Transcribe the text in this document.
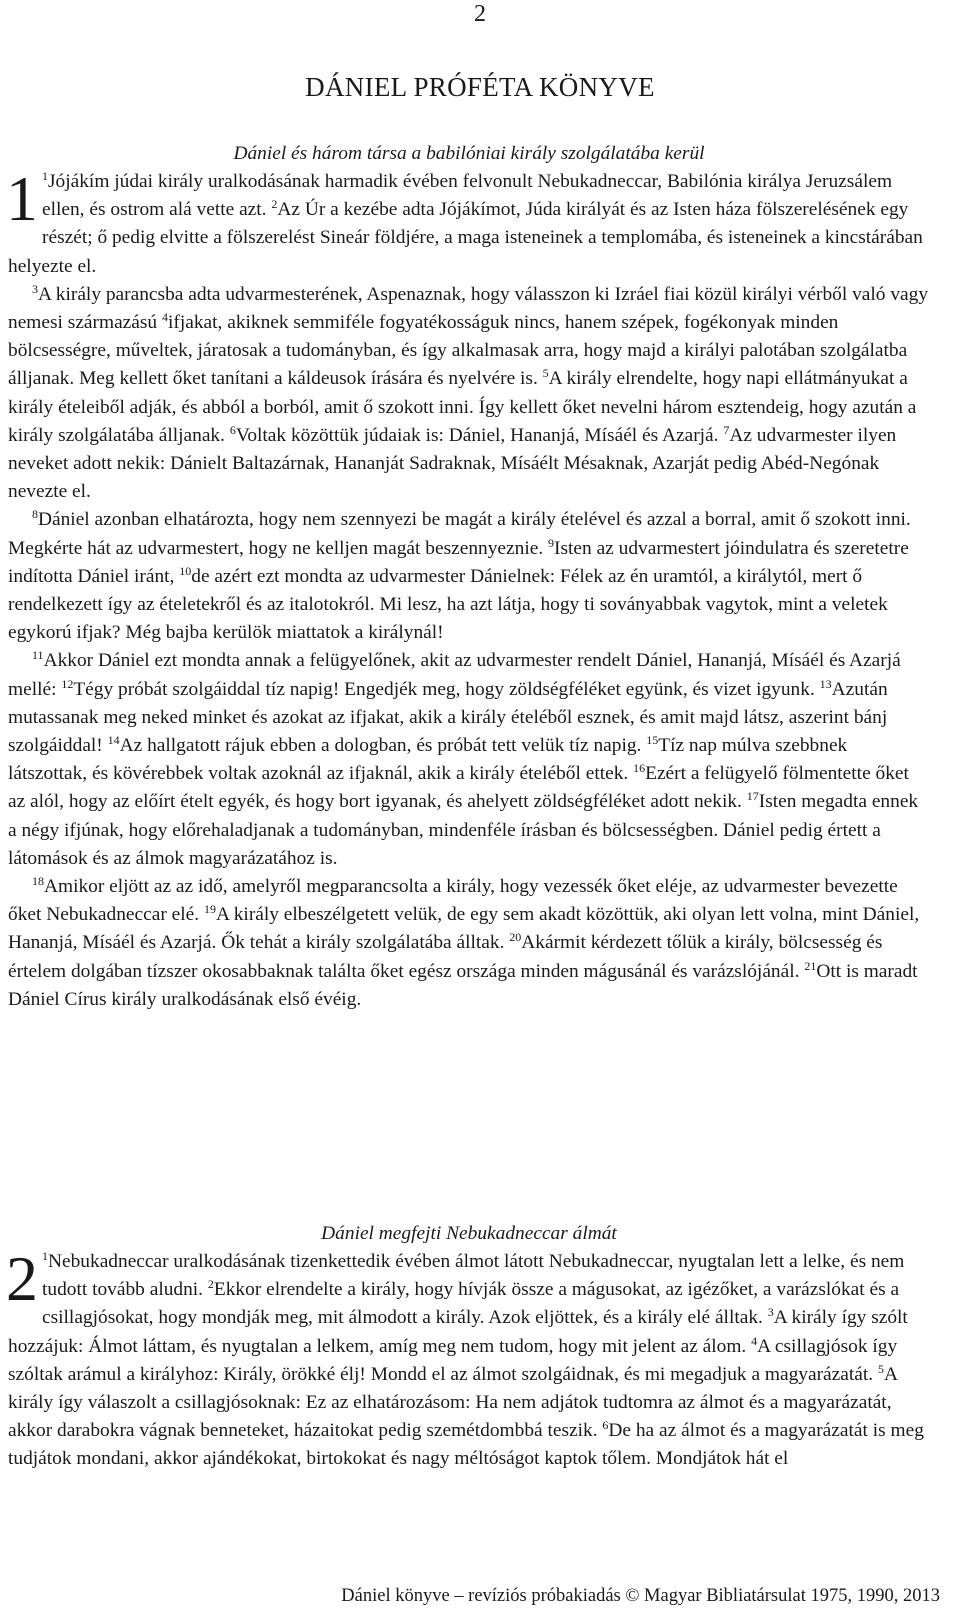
2
DÁNIEL PRÓFÉTA KÖNYVE
Dániel és három társa a babilóniai király szolgálatába kerül
1 $^1$Jójákím júdai király uralkodásának harmadik évében felvonult Nebukadneccar, Babilónia királya Jeruzsálem ellen, és ostrom alá vette azt. $^2$Az Úr a kezébe adta Jójákímot, Júda királyát és az Isten háza fölszerelésének egy részét; ő pedig elvitte a fölszerelést Sineár földjére, a maga isteneinek a templomába, és isteneinek a kincstárában helyezte el.

$^3$A király parancsba adta udvarmesterének, Aspenaznak, hogy válasszon ki Izráel fiai közül királyi vérből való vagy nemesi származású $^4$ifjakat, akiknek semmiféle fogyatékosságuk nincs, hanem szépek, fogékonyak minden bölcsességre, műveltek, járatosak a tudományban, és így alkalmasak arra, hogy majd a királyi palotában szolgálatba álljanak. Meg kellett őket tanítani a káldeusok írására és nyelvére is. $^5$A király elrendelte, hogy napi ellátmányukat a király ételeiből adják, és abból a borból, amit ő szokott inni. Így kellett őket nevelni három esztendeig, hogy azután a király szolgálatába álljanak. $^6$Voltak közöttük júdaiak is: Dániel, Hananjá, Mísáél és Azarjá. $^7$Az udvarmester ilyen neveket adott nekik: Dánielt Baltazárnak, Hananját Sadraknak, Mísáélt Mésaknak, Azarját pedig Abéd-Negónak nevezte el.

$^8$Dániel azonban elhatározta, hogy nem szennyezi be magát a király ételével és azzal a borral, amit ő szokott inni. Megkérte hát az udvarmestert, hogy ne kelljen magát beszennyeznie. $^9$Isten az udvarmestert jóindulatra és szeretetre indította Dániel iránt, $^{10}$de azért ezt mondta az udvarmester Dánielnek: Félek az én uramtól, a királytól, mert ő rendelkezett így az ételetekről és az italotokról. Mi lesz, ha azt látja, hogy ti soványabbak vagytok, mint a veletek egykorú ifjak? Még bajba kerülök miattatok a királynál!

$^{11}$Akkor Dániel ezt mondta annak a felügyelőnek, akit az udvarmester rendelt Dániel, Hananjá, Mísáél és Azarjá mellé: $^{12}$Tégy próbát szolgáiddal tíz napig! Engedjék meg, hogy zöldségféléket együnk, és vizet igyunk. $^{13}$Azután mutassanak meg neked minket és azokat az ifjakat, akik a király ételéből esznek, és amit majd látsz, aszerint bánj szolgáiddal! $^{14}$Az hallgatott rájuk ebben a dologban, és próbát tett velük tíz napig. $^{15}$Tíz nap múlva szebbnek látszottak, és kövérebbek voltak azoknál az ifjaknál, akik a király ételéből ettek. $^{16}$Ezért a felügyelő fölmentette őket az alól, hogy az előírt ételt egyék, és hogy bort igyanak, és ahelyett zöldségféléket adott nekik. $^{17}$Isten megadta ennek a négy ifjúnak, hogy előrehaladjanak a tudományban, mindenféle írásban és bölcsességben. Dániel pedig értett a látomások és az álmok magyarázatához is.

$^{18}$Amikor eljött az az idő, amelyről megparancsolta a király, hogy vezessék őket eléje, az udvarmester bevezette őket Nebukadneccar elé. $^{19}$A király elbeszélgetett velük, de egy sem akadt közöttük, aki olyan lett volna, mint Dániel, Hananjá, Mísáél és Azarjá. Ők tehát a király szolgálatába álltak. $^{20}$Akármit kérdezett tőlük a király, bölcsesség és értelem dolgában tízszer okosabbaknak találta őket egész országa minden mágusánál és varázslójánál. $^{21}$Ott is maradt Dániel Círus király uralkodásának első évéig.

Dániel megfejti Nebukadneccar álmát
2 $^1$Nebukadneccar uralkodásának tizenkettedik évében álmot látott Nebukadneccar, nyugtalan lett a lelke, és nem tudott tovább aludni. $^2$Ekkor elrendelte a király, hogy hívják össze a mágusokat, az igézőket, a varázslókat és a csillagjósokat, hogy mondják meg, mit álmodott a király. Azok eljöttek, és a király elé álltak. $^3$A király így szólt hozzájuk: Álmot láttam, és nyugtalan a lelkem, amíg meg nem tudom, hogy mit jelent az álom. $^4$A csillagjósok így szóltak arámul a királyhoz: Király, örökké élj! Mondd el az álmot szolgáidnak, és mi megadjuk a magyarázatát. $^5$A király így válaszolt a csillagjósoknak: Ez az elhatározásom: Ha nem adjátok tudtomra az álmot és a magyarázatát, akkor darabokra vágnak benneteket, házaitokat pedig szemétdombbá teszik. $^6$De ha az álmot és a magyarázatát is meg tudjátok mondani, akkor ajándékokat, birtokokat és nagy méltóságot kaptok tőlem. Mondjátok hát el

Dániel könyve – revíziós próbakiadás © Magyar Bibliatársulat 1975, 1990, 2013
